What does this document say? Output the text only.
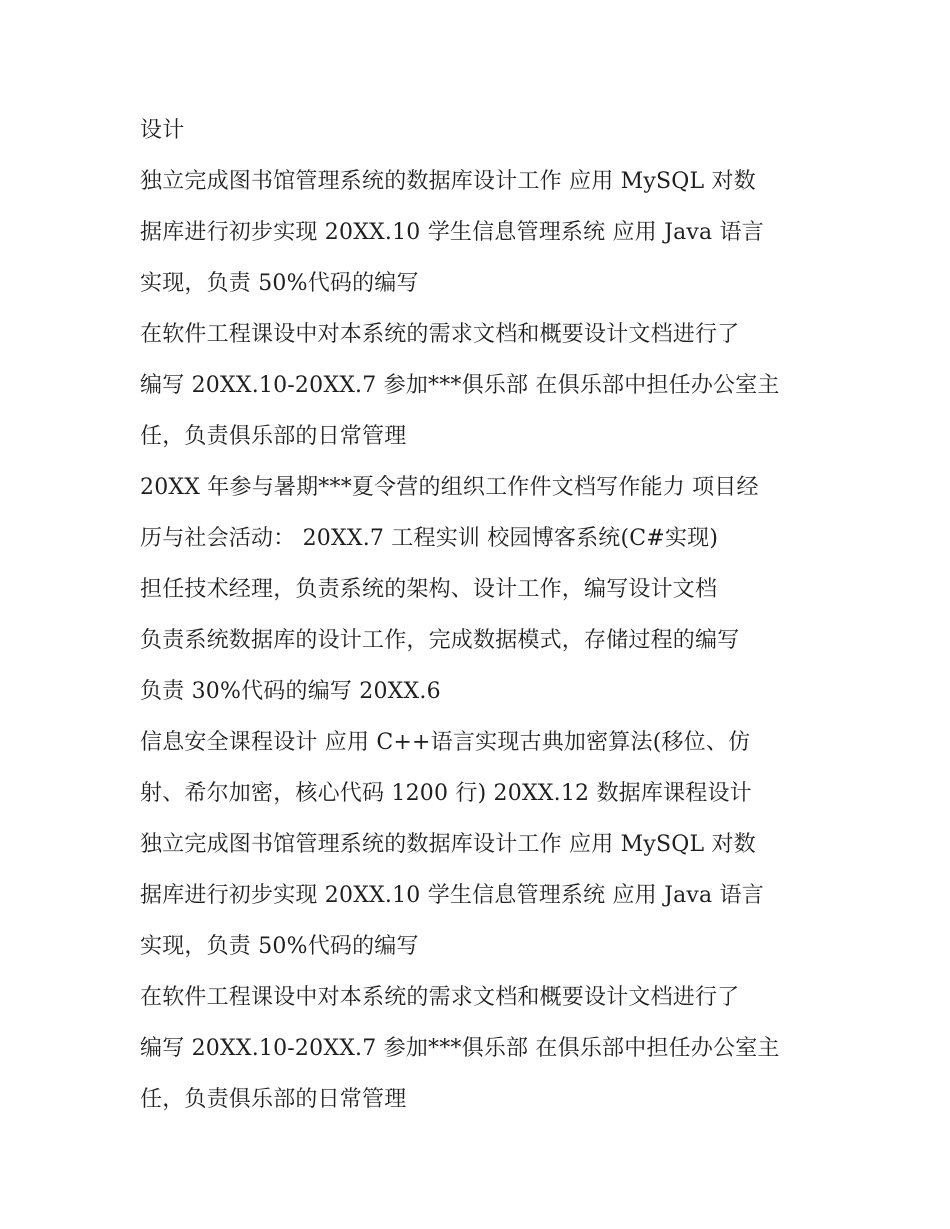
设计
独立完成图书馆管理系统的数据库设计工作 应用 MySQL 对数
据库进行初步实现 20XX.10 学生信息管理系统 应用 Java 语言
实现，负责 50%代码的编写
在软件工程课设中对本系统的需求文档和概要设计文档进行了
编写 20XX.10-20XX.7 参加***俱乐部 在俱乐部中担任办公室主
任，负责俱乐部的日常管理
20XX 年参与暑期***夏令营的组织工作件文档写作能力 项目经
历与社会活动： 20XX.7 工程实训 校园博客系统(C#实现)
担任技术经理，负责系统的架构、设计工作，编写设计文档
负责系统数据库的设计工作，完成数据模式，存储过程的编写
负责 30%代码的编写 20XX.6
信息安全课程设计 应用 C++语言实现古典加密算法(移位、仿
射、希尔加密，核心代码 1200 行) 20XX.12 数据库课程设计
独立完成图书馆管理系统的数据库设计工作 应用 MySQL 对数
据库进行初步实现 20XX.10 学生信息管理系统 应用 Java 语言
实现，负责 50%代码的编写
在软件工程课设中对本系统的需求文档和概要设计文档进行了
编写 20XX.10-20XX.7 参加***俱乐部 在俱乐部中担任办公室主
任，负责俱乐部的日常管理
